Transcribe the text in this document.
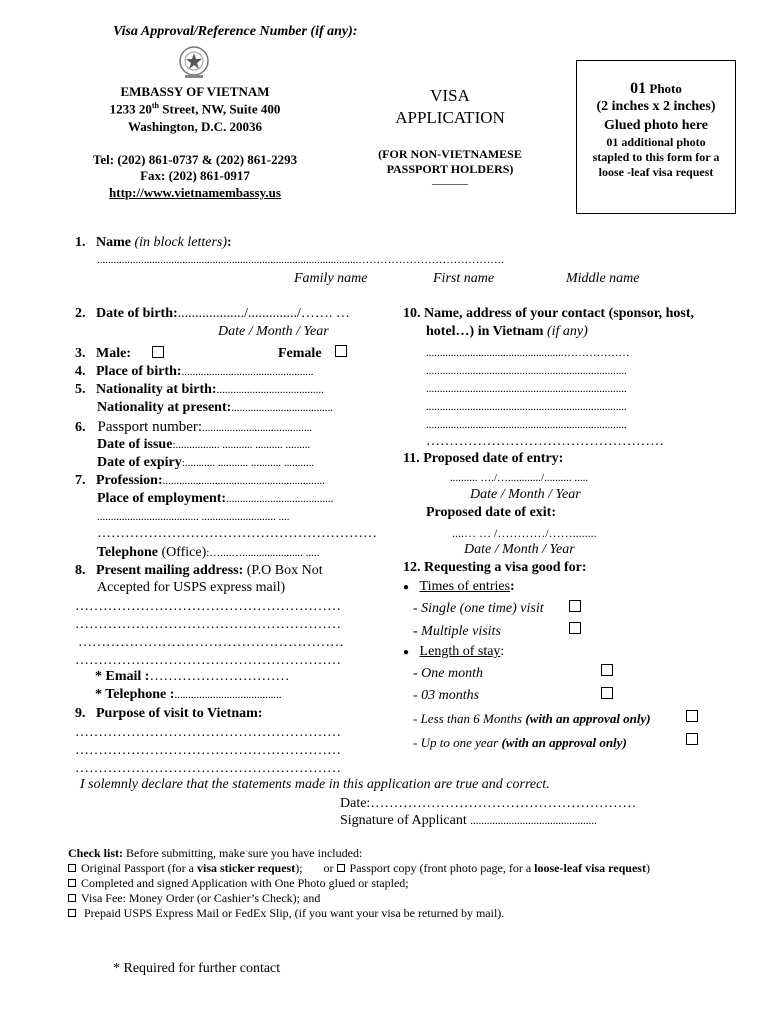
Visa Approval/Reference Number (if any):
EMBASSY OF VIETNAM
1233 20th Street, NW, Suite 400
Washington, D.C. 20036
Tel: (202) 861-0737 & (202) 861-2293
Fax: (202) 861-0917
http://www.vietnamembassy.us
VISA
APPLICATION
(FOR NON-VIETNAMESE
PASSPORT HOLDERS)
______
01 Photo
(2 inches x 2 inches)
Glued photo here
01 additional photo
stapled to this form for a
loose -leaf visa request
1. Name (in block letters):
...............................................................................................………………………………….
Family name	First name	Middle name
2. Date of birth:.................../............../……. …
Date / Month / Year
3. Male:	Female
4. Place of birth:................................................
5. Nationality at birth:.......................................
Nationality at present:.....................................
6. Passport number:........................................
Date of issue:................ ........... .......... .........
Date of expiry:........... ........... ........... ...........
7. Profession:...........................................................
Place of employment:.......................................
..................................... ........................... ....
……………………………………………………
Telephone (Office):…....…...................... .....
8. Present mailing address: (P.O Box Not
Accepted for USPS express mail)
…………………………………………………
…………………………………………………
…………………………………………………
…………………………………………………
* Email :…………………………
* Telephone :.......................................
9. Purpose of visit to Vietnam:
…………………………………………………
…………………………………………………
…………………………………………………
10. Name, address of your contact (sponsor, host,
hotel…) in Vietnam (if any)
..................................................………………
.........................................................................
.........................................................................
.........................................................................
.........................................................................
……………………………………………
11. Proposed date of entry:
.......... …./…............/.......... .....
Date / Month / Year
Proposed date of exit:
....… … /…………/……........
Date / Month / Year
12. Requesting a visa good for:
● Times of entries:
- Single (one time) visit
- Multiple visits
● Length of stay:
- One month
- 03 months
- Less than 6 Months (with an approval only)
- Up to one year (with an approval only)
I solemnly declare that the statements made in this application are true and correct.
Date:…………………………………………………
Signature of Applicant ..............................................
Check list: Before submitting, make sure you have included:
Original Passport (for a visa sticker request); or Passport copy (front photo page, for a loose-leaf visa request)
Completed and signed Application with One Photo glued or stapled;
Visa Fee: Money Order (or Cashier’s Check); and
Prepaid USPS Express Mail or FedEx Slip, (if you want your visa be returned by mail).
* Required for further contact
